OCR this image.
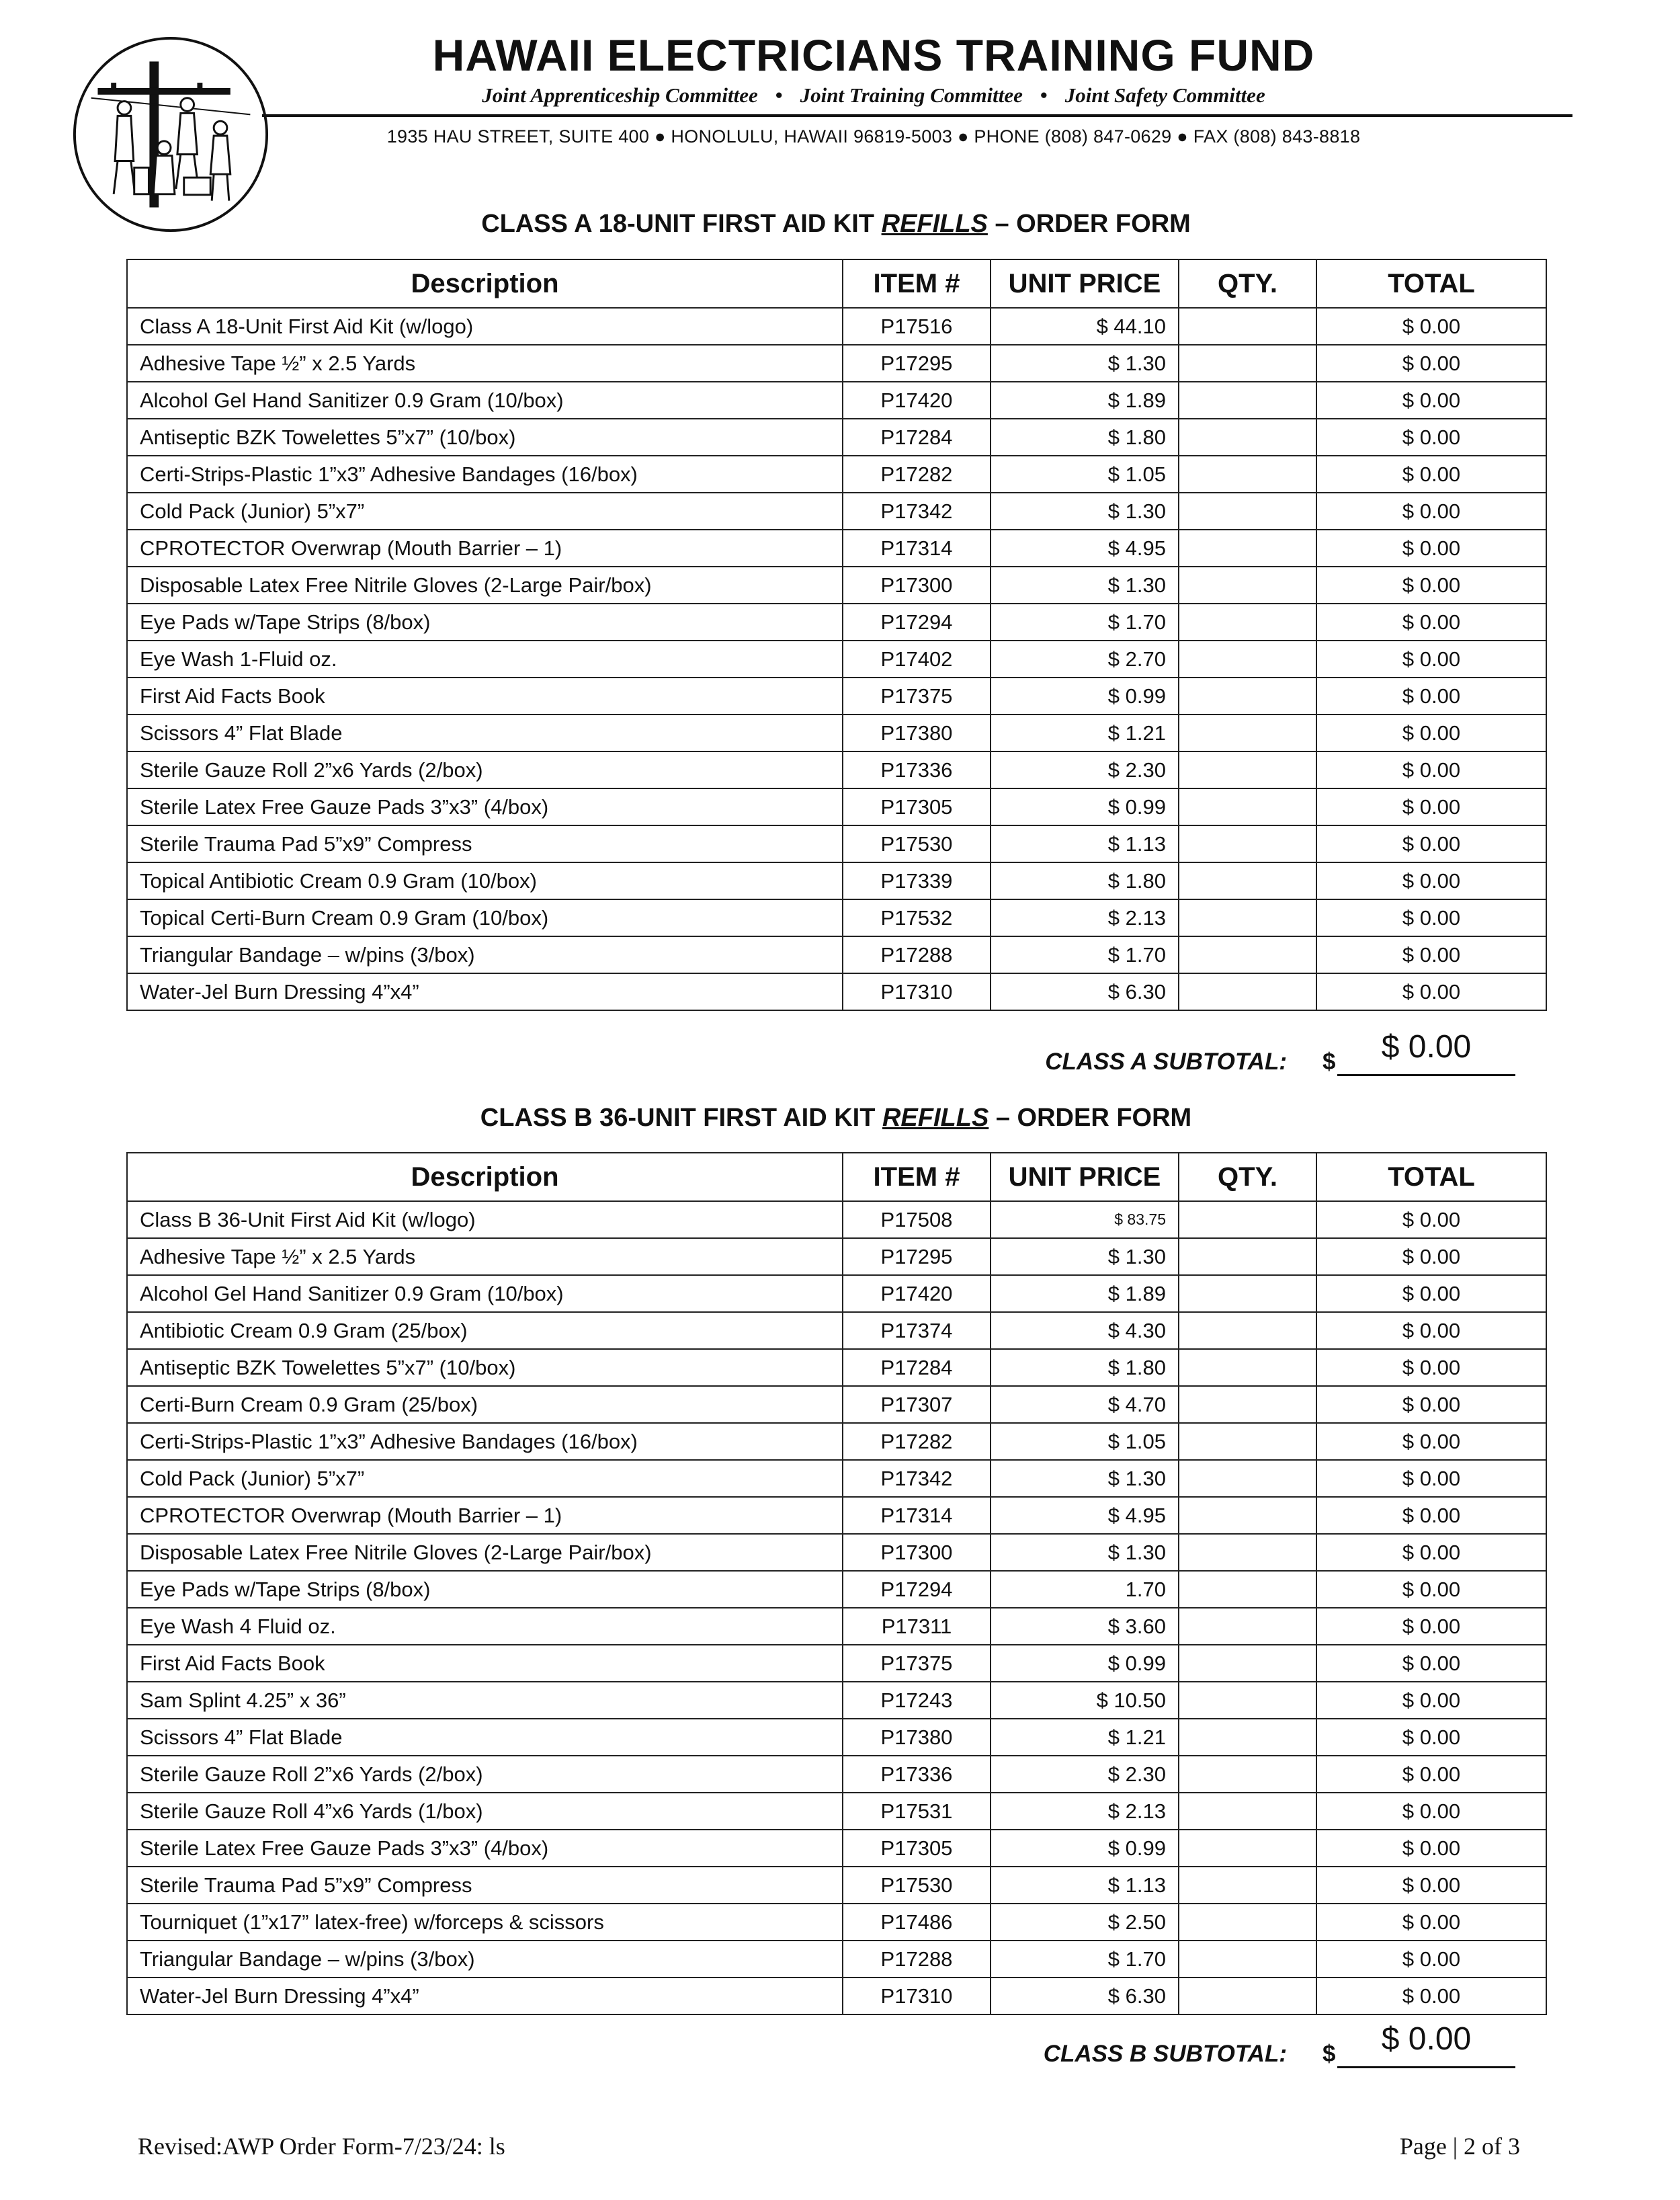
HAWAII ELECTRICIANS TRAINING FUND
Joint Apprenticeship Committee • Joint Training Committee • Joint Safety Committee
1935 HAU STREET, SUITE 400 ● HONOLULU, HAWAII 96819-5003 ● PHONE (808) 847-0629 ● FAX (808) 843-8818
CLASS A 18-UNIT FIRST AID KIT REFILLS – ORDER FORM
Description	ITEM #	UNIT PRICE	QTY.	TOTAL
Class A 18-Unit First Aid Kit (w/logo)	P17516	$ 44.10		$ 0.00
Adhesive Tape ½” x 2.5 Yards	P17295	$ 1.30		$ 0.00
Alcohol Gel Hand Sanitizer 0.9 Gram (10/box)	P17420	$ 1.89		$ 0.00
Antiseptic BZK Towelettes 5”x7” (10/box)	P17284	$ 1.80		$ 0.00
Certi-Strips-Plastic 1”x3” Adhesive Bandages (16/box)	P17282	$ 1.05		$ 0.00
Cold Pack (Junior) 5”x7”	P17342	$ 1.30		$ 0.00
CPROTECTOR Overwrap (Mouth Barrier – 1)	P17314	$ 4.95		$ 0.00
Disposable Latex Free Nitrile Gloves (2-Large Pair/box)	P17300	$ 1.30		$ 0.00
Eye Pads w/Tape Strips (8/box)	P17294	$ 1.70		$ 0.00
Eye Wash 1-Fluid oz.	P17402	$ 2.70		$ 0.00
First Aid Facts Book	P17375	$ 0.99		$ 0.00
Scissors 4” Flat Blade	P17380	$ 1.21		$ 0.00
Sterile Gauze Roll 2”x6 Yards (2/box)	P17336	$ 2.30		$ 0.00
Sterile Latex Free Gauze Pads 3”x3” (4/box)	P17305	$ 0.99		$ 0.00
Sterile Trauma Pad 5”x9” Compress	P17530	$ 1.13		$ 0.00
Topical Antibiotic Cream 0.9 Gram (10/box)	P17339	$ 1.80		$ 0.00
Topical Certi-Burn Cream 0.9 Gram (10/box)	P17532	$ 2.13		$ 0.00
Triangular Bandage – w/pins (3/box)	P17288	$ 1.70		$ 0.00
Water-Jel Burn Dressing 4”x4”	P17310	$ 6.30		$ 0.00
CLASS A SUBTOTAL: $	$ 0.00
CLASS B 36-UNIT FIRST AID KIT REFILLS – ORDER FORM
Description	ITEM #	UNIT PRICE	QTY.	TOTAL
Class B 36-Unit First Aid Kit (w/logo)	P17508	$ 83.75		$ 0.00
Adhesive Tape ½” x 2.5 Yards	P17295	$ 1.30		$ 0.00
Alcohol Gel Hand Sanitizer 0.9 Gram (10/box)	P17420	$ 1.89		$ 0.00
Antibiotic Cream 0.9 Gram (25/box)	P17374	$ 4.30		$ 0.00
Antiseptic BZK Towelettes 5”x7” (10/box)	P17284	$ 1.80		$ 0.00
Certi-Burn Cream 0.9 Gram (25/box)	P17307	$ 4.70		$ 0.00
Certi-Strips-Plastic 1”x3” Adhesive Bandages (16/box)	P17282	$ 1.05		$ 0.00
Cold Pack (Junior) 5”x7”	P17342	$ 1.30		$ 0.00
CPROTECTOR Overwrap (Mouth Barrier – 1)	P17314	$ 4.95		$ 0.00
Disposable Latex Free Nitrile Gloves (2-Large Pair/box)	P17300	$ 1.30		$ 0.00
Eye Pads w/Tape Strips (8/box)	P17294	1.70		$ 0.00
Eye Wash 4 Fluid oz.	P17311	$ 3.60		$ 0.00
First Aid Facts Book	P17375	$ 0.99		$ 0.00
Sam Splint 4.25” x 36”	P17243	$ 10.50		$ 0.00
Scissors 4” Flat Blade	P17380	$ 1.21		$ 0.00
Sterile Gauze Roll 2”x6 Yards (2/box)	P17336	$ 2.30		$ 0.00
Sterile Gauze Roll 4”x6 Yards (1/box)	P17531	$ 2.13		$ 0.00
Sterile Latex Free Gauze Pads 3”x3” (4/box)	P17305	$ 0.99		$ 0.00
Sterile Trauma Pad 5”x9” Compress	P17530	$ 1.13		$ 0.00
Tourniquet (1”x17” latex-free) w/forceps & scissors	P17486	$ 2.50		$ 0.00
Triangular Bandage – w/pins (3/box)	P17288	$ 1.70		$ 0.00
Water-Jel Burn Dressing 4”x4”	P17310	$ 6.30		$ 0.00
CLASS B SUBTOTAL: $	$ 0.00
Revised:AWP Order Form-7/23/24: ls	Page | 2 of 3
